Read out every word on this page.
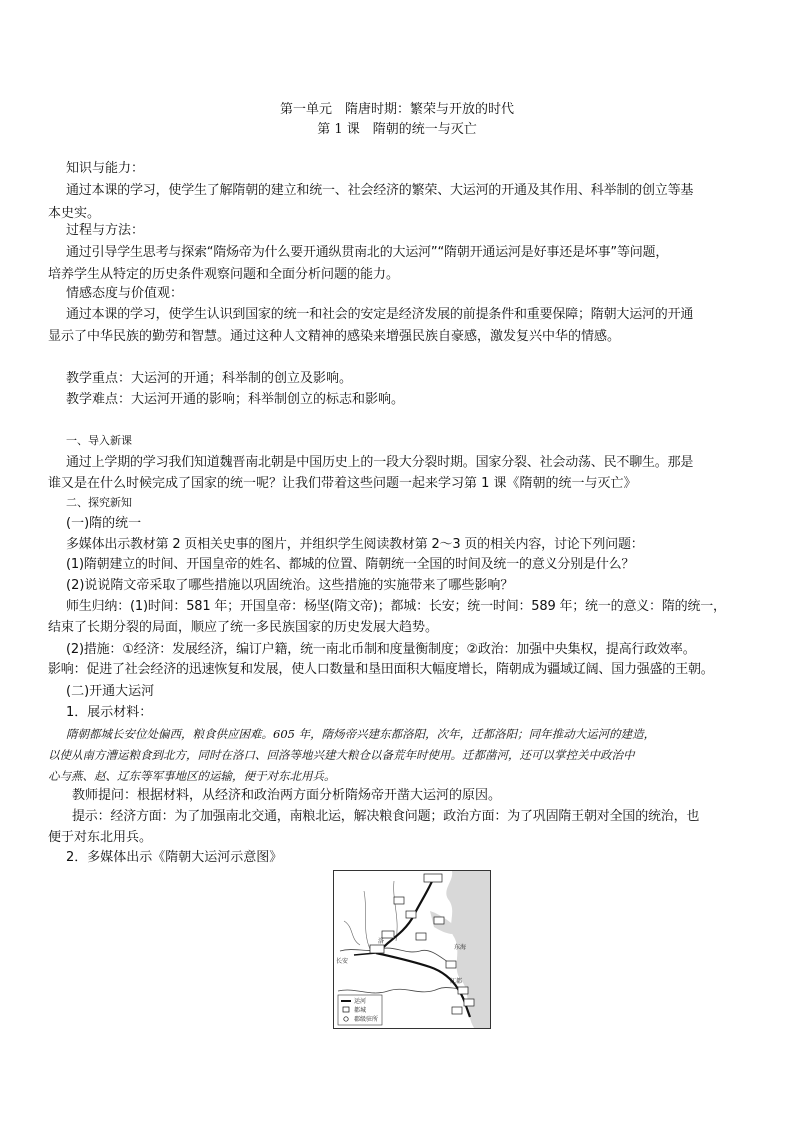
第一单元　隋唐时期：繁荣与开放的时代
第 1 课　隋朝的统一与灭亡
知识与能力：
通过本课的学习，使学生了解隋朝的建立和统一、社会经济的繁荣、大运河的开通及其作用、科举制的创立等基
本史实。
过程与方法：
通过引导学生思考与探索“隋炀帝为什么要开通纵贯南北的大运河”“隋朝开通运河是好事还是坏事”等问题，
培养学生从特定的历史条件观察问题和全面分析问题的能力。
情感态度与价值观：
通过本课的学习，使学生认识到国家的统一和社会的安定是经济发展的前提条件和重要保障；隋朝大运河的开通
显示了中华民族的勤劳和智慧。通过这种人文精神的感染来增强民族自豪感，激发复兴中华的情感。
教学重点：大运河的开通；科举制的创立及影响。
教学难点：大运河开通的影响；科举制创立的标志和影响。
一、导入新课
通过上学期的学习我们知道魏晋南北朝是中国历史上的一段大分裂时期。国家分裂、社会动荡、民不聊生。那是
谁又是在什么时候完成了国家的统一呢？让我们带着这些问题一起来学习第 1 课《隋朝的统一与灭亡》
二、探究新知
(一)隋的统一
多媒体出示教材第 2 页相关史事的图片，并组织学生阅读教材第 2～3 页的相关内容，讨论下列问题：
(1)隋朝建立的时间、开国皇帝的姓名、都城的位置、隋朝统一全国的时间及统一的意义分别是什么？
(2)说说隋文帝采取了哪些措施以巩固统治。这些措施的实施带来了哪些影响？
师生归纳：(1)时间：581 年；开国皇帝：杨坚(隋文帝)；都城：长安；统一时间：589 年；统一的意义：隋的统一，
结束了长期分裂的局面，顺应了统一多民族国家的历史发展大趋势。
(2)措施：①经济：发展经济，编订户籍，统一南北币制和度量衡制度；②政治：加强中央集权，提高行政效率。
影响：促进了社会经济的迅速恢复和发展，使人口数量和垦田面积大幅度增长，隋朝成为疆域辽阔、国力强盛的王朝。
(二)开通大运河
1．展示材料：
隋朝都城长安位处偏西，粮食供应困难。605 年，隋炀帝兴建东都洛阳，次年，迁都洛阳；同年推动大运河的建造，
以使从南方漕运粮食到北方，同时在洛口、回洛等地兴建大粮仓以备荒年时使用。迁都凿河，还可以掌控关中政治中
心与燕、赵、辽东等军事地区的运输，便于对东北用兵。
教师提问：根据材料，从经济和政治两方面分析隋炀帝开凿大运河的原因。
提示：经济方面：为了加强南北交通，南粮北运，解决粮食问题；政治方面：为了巩固隋王朝对全国的统治，也
便于对东北用兵。
2．多媒体出示《隋朝大运河示意图》
长安
洛
东海
江都
运河
都城
郡级驻所
